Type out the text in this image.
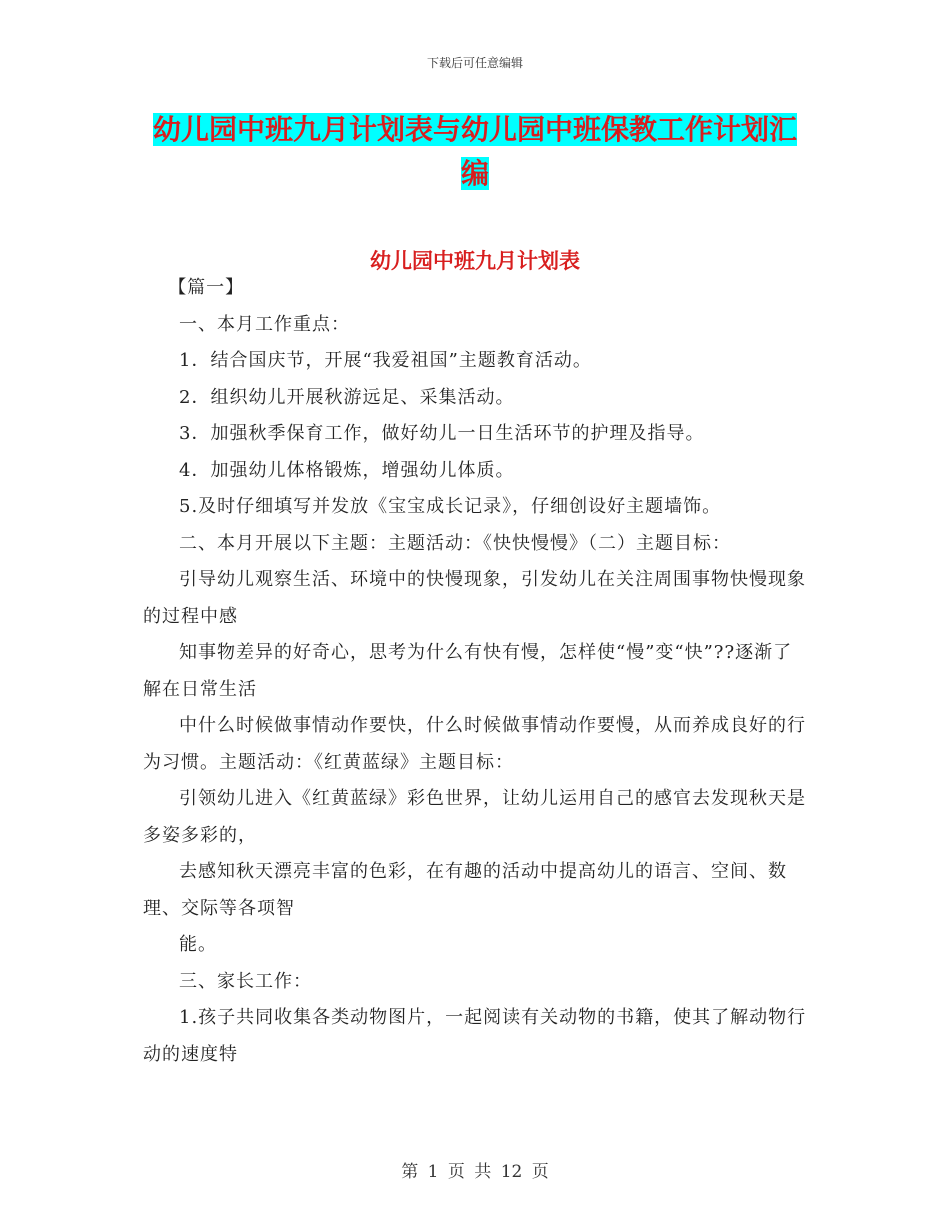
下载后可任意编辑
幼儿园中班九月计划表与幼儿园中班保教工作计划汇编
幼儿园中班九月计划表

【篇一】

一、本月工作重点：

1．结合国庆节，开展“我爱祖国”主题教育活动。

2．组织幼儿开展秋游远足、采集活动。

3．加强秋季保育工作，做好幼儿一日生活环节的护理及指导。

4．加强幼儿体格锻炼，增强幼儿体质。

5.及时仔细填写并发放《宝宝成长记录》，仔细创设好主题墙饰。

二、本月开展以下主题：主题活动：《快快慢慢》（二）主题目标：

引导幼儿观察生活、环境中的快慢现象，引发幼儿在关注周围事物快慢现象的过程中感

知事物差异的好奇心，思考为什么有快有慢，怎样使“慢”变“快”??逐渐了解在日常生活

中什么时候做事情动作要快，什么时候做事情动作要慢，从而养成良好的行为习惯。主题活动：《红黄蓝绿》主题目标：

引领幼儿进入《红黄蓝绿》彩色世界，让幼儿运用自己的感官去发现秋天是多姿多彩的，

去感知秋天漂亮丰富的色彩，在有趣的活动中提高幼儿的语言、空间、数理、交际等各项智

能。

三、家长工作：

1.孩子共同收集各类动物图片，一起阅读有关动物的书籍，使其了解动物行动的速度特

第 1 页 共 12 页
